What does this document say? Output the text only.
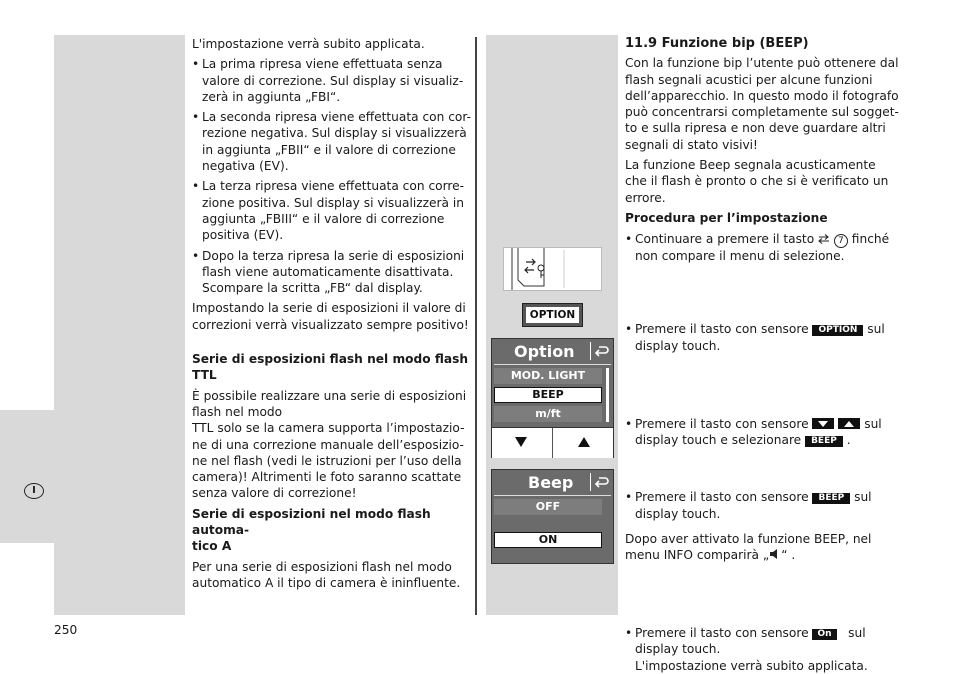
I

L'impostazione verrà subito applicata.

• La prima ripresa viene effettuata senza
valore di correzione. Sul display si visualiz-
zerà in aggiunta „FBI“.
• La seconda ripresa viene effettuata con cor-
rezione negativa. Sul display si visualizzerà
in aggiunta „FBII“ e il valore di correzione
negativa (EV).
• La terza ripresa viene effettuata con corre-
zione positiva. Sul display si visualizzerà in
aggiunta „FBIII“ e il valore di correzione
positiva (EV).
• Dopo la terza ripresa la serie di esposizioni
flash viene automaticamente disattivata.
Scompare la scritta „FB“ dal display.
Impostando la serie di esposizioni il valore di
correzioni verrà visualizzato sempre positivo!

Serie di esposizioni flash nel modo flash TTL

È possibile realizzare una serie di esposizioni
flash nel modo
TTL solo se la camera supporta l’impostazio-
ne di una correzione manuale dell’esposizio-
ne nel flash (vedi le istruzioni per l’uso della
camera)! Altrimenti le foto saranno scattate
senza valore di correzione!
Serie di esposizioni nel modo flash automa-
tico A
Per una serie di esposizioni flash nel modo
automatico A il tipo di camera è ininfluente.
OPTION
Option
MOD. LIGHT
BEEP
m/ft
Beep
OFF
ON

11.9 Funzione bip (BEEP)

Con la funzione bip l’utente può ottenere dal
flash segnali acustici per alcune funzioni
dell’apparecchio. In questo modo il fotografo
può concentrarsi completamente sul sogget-
to e sulla ripresa e non deve guardare altri
segnali di stato visivi!
La funzione Beep segnala acusticamente
che il flash è pronto o che si è verificato un
errore.

Procedura per l’impostazione

• Continuare a premere il tasto	7 finché
non compare il menu di selezione.
• Premere il tasto con sensore OPTION sul
display touch.
• Premere il tasto con sensore
	sul
display touch e selezionare BEEP .
• Premere il tasto con sensore BEEP sul
display touch.
• Premere il tasto con sensore On sul
display touch.
L'impostazione verrà subito applicata.
Dopo aver attivato la funzione BEEP, nel
menu INFO comparirà „ “ .
250
